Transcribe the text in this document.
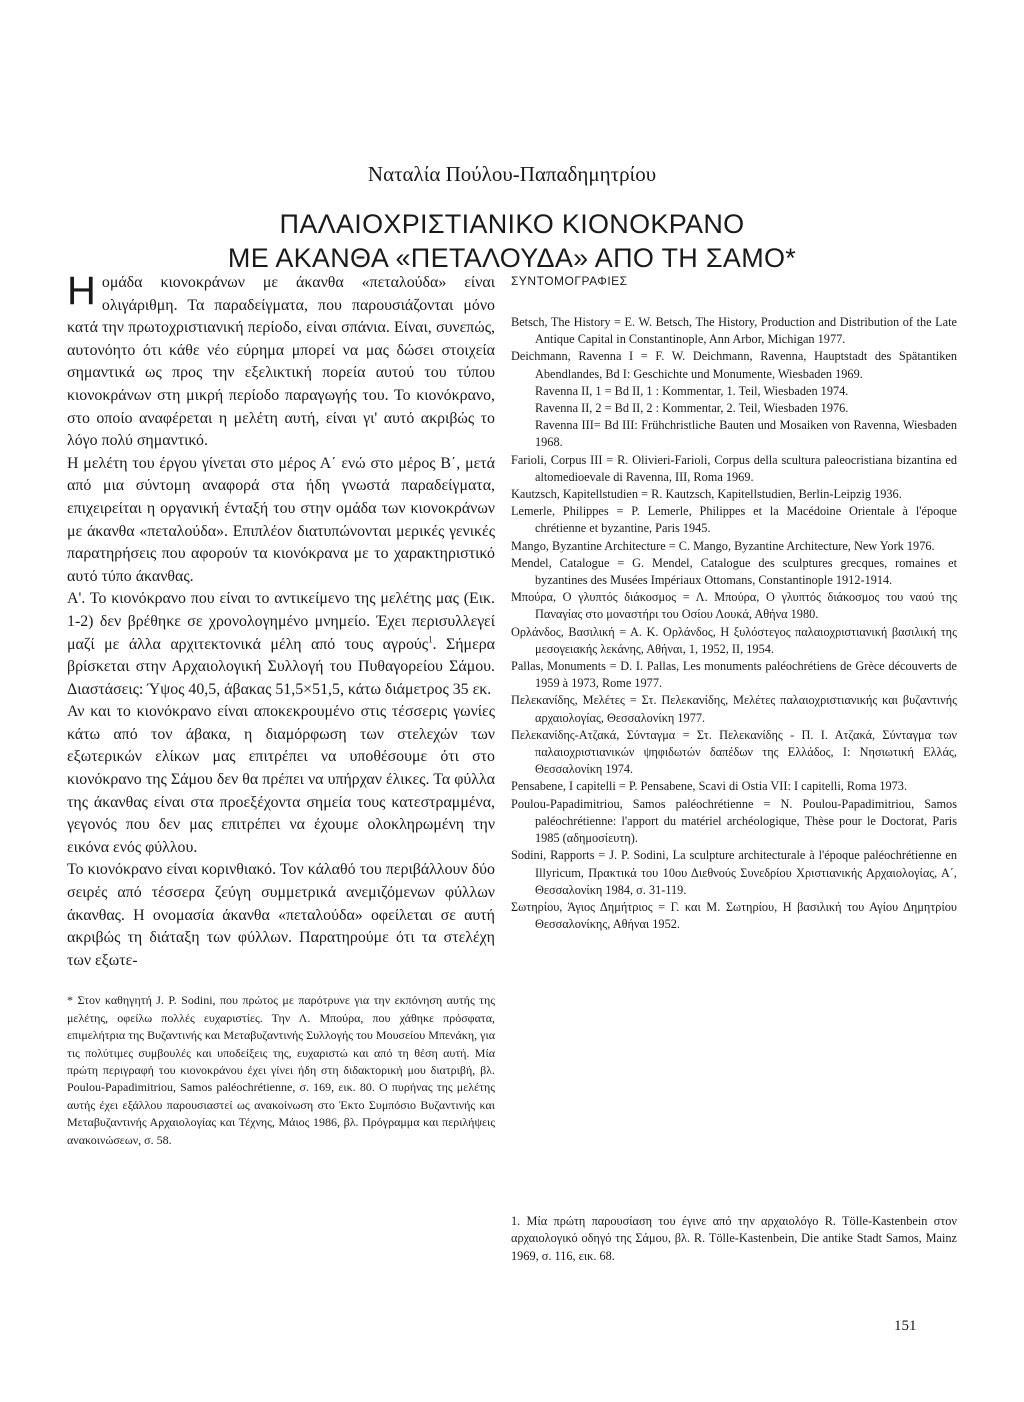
Ναταλία Πούλου-Παπαδημητρίου
ΠΑΛΑΙΟΧΡΙΣΤΙΑΝΙΚΟ ΚΙΟΝΟΚΡΑΝΟ
ΜΕ ΑΚΑΝΘΑ «ΠΕΤΑΛΟΥΔΑ» ΑΠΟ ΤΗ ΣΑΜΟ*

Ηομάδα κιονοκράνων με άκανθα «πεταλούδα» είναι ολιγάριθμη. Τα παραδείγματα, που παρουσιάζονται μόνο κατά την πρωτοχριστιανική περίοδο, είναι σπάνια. Είναι, συνεπώς, αυτονόητο ότι κάθε νέο εύρημα μπορεί να μας δώσει στοιχεία σημαντικά ως προς την εξελικτική πορεία αυτού του τύπου κιονοκράνων στη μικρή περίοδο παραγωγής του. Το κιονόκρανο, στο οποίο αναφέρεται η μελέτη αυτή, είναι γι' αυτό ακριβώς το λόγο πολύ σημαντικό.

Η μελέτη του έργου γίνεται στο μέρος Α΄ ενώ στο μέρος Β΄, μετά από μια σύντομη αναφορά στα ήδη γνωστά παραδείγματα, επιχειρείται η οργανική ένταξή του στην ομάδα των κιονοκράνων με άκανθα «πεταλούδα». Επιπλέον διατυπώνονται μερικές γενικές παρατηρήσεις που αφορούν τα κιονόκρανα με το χαρακτηριστικό αυτό τύπο άκανθας.

Α'. Το κιονόκρανο που είναι το αντικείμενο της μελέτης μας (Εικ. 1-2) δεν βρέθηκε σε χρονολογημένο μνημείο. Έχει περισυλλεγεί μαζί με άλλα αρχιτεκτονικά μέλη από τους αγρούς$^1$. Σήμερα βρίσκεται στην Αρχαιολογική Συλλογή του Πυθαγορείου Σάμου. Διαστάσεις: Ύψος 40,5, άβακας 51,5×51,5, κάτω διάμετρος 35 εκ.

Αν και το κιονόκρανο είναι αποκεκρουμένο στις τέσσερις γωνίες κάτω από τον άβακα, η διαμόρφωση των στελεχών των εξωτερικών ελίκων μας επιτρέπει να υποθέσουμε ότι στο κιονόκρανο της Σάμου δεν θα πρέπει να υπήρχαν έλικες. Τα φύλλα της άκανθας είναι στα προεξέχοντα σημεία τους κατεστραμμένα, γεγονός που δεν μας επιτρέπει να έχουμε ολοκληρωμένη την εικόνα ενός φύλλου.

Το κιονόκρανο είναι κορινθιακό. Τον κάλαθό του περιβάλλουν δύο σειρές από τέσσερα ζεύγη συμμετρικά ανεμιζόμενων φύλλων άκανθας. Η ονομασία άκανθα «πεταλούδα» οφείλεται σε αυτή ακριβώς τη διάταξη των φύλλων. Παρατηρούμε ότι τα στελέχη των εξωτε-

* Στον καθηγητή J. P. Sodini, που πρώτος με παρότρυνε για την εκπόνηση αυτής της μελέτης, οφείλω πολλές ευχαριστίες. Την Λ. Μπούρα, που χάθηκε πρόσφατα, επιμελήτρια της Βυζαντινής και Μεταβυζαντινής Συλλογής του Μουσείου Μπενάκη, για τις πολύτιμες συμβουλές και υποδείξεις της, ευχαριστώ και από τη θέση αυτή. Μία πρώτη περιγραφή του κιονοκράνου έχει γίνει ήδη στη διδακτορική μου διατριβή, βλ. Poulou-Papadimitriou, Samos paléochrétienne, σ. 169, εικ. 80. Ο πυρήνας της μελέτης αυτής έχει εξάλλου παρουσιαστεί ως ανακοίνωση στο Έκτο Συμπόσιο Βυζαντινής και Μεταβυζαντινής Αρχαιολογίας και Τέχνης, Μάιος 1986, βλ. Πρόγραμμα και περιλήψεις ανακοινώσεων, σ. 58.
ΣΥΝΤΟΜΟΓΡΑΦΙΕΣ

Betsch, The History = E. W. Betsch, The History, Production and Distribution of the Late Antique Capital in Constantinople, Ann Arbor, Michigan 1977.

Deichmann, Ravenna I = F. W. Deichmann, Ravenna, Hauptstadt des Spätantiken Abendlandes, Bd I: Geschichte und Monumente, Wiesbaden 1969.

Ravenna II, 1 = Bd II, 1 : Kommentar, 1. Teil, Wiesbaden 1974.

Ravenna II, 2 = Bd II, 2 : Kommentar, 2. Teil, Wiesbaden 1976.

Ravenna III= Bd III: Frühchristliche Bauten und Mosaiken von Ravenna, Wiesbaden 1968.

Farioli, Corpus III = R. Olivieri-Farioli, Corpus della scultura paleocristiana bizantina ed altomedioevale di Ravenna, III, Roma 1969.

Kautzsch, Kapitellstudien = R. Kautzsch, Kapitellstudien, Berlin-Leipzig 1936.

Lemerle, Philippes = P. Lemerle, Philippes et la Macédoine Orientale à l'époque chrétienne et byzantine, Paris 1945.

Mango, Byzantine Architecture = C. Mango, Byzantine Architecture, New York 1976.

Mendel, Catalogue = G. Mendel, Catalogue des sculptures grecques, romaines et byzantines des Musées Impériaux Ottomans, Constantinople 1912-1914.

Μπούρα, Ο γλυπτός διάκοσμος = Λ. Μπούρα, Ο γλυπτός διάκοσμος του ναού της Παναγίας στο μοναστήρι του Οσίου Λουκά, Αθήνα 1980.

Ορλάνδος, Βασιλική = Α. Κ. Ορλάνδος, Η ξυλόστεγος παλαιοχριστιανική βασιλική της μεσογειακής λεκάνης, Αθήναι, 1, 1952, II, 1954.

Pallas, Monuments = D. I. Pallas, Les monuments paléochrétiens de Grèce découverts de 1959 à 1973, Rome 1977.

Πελεκανίδης, Μελέτες = Στ. Πελεκανίδης, Μελέτες παλαιοχριστιανικής και βυζαντινής αρχαιολογίας, Θεσσαλονίκη 1977.

Πελεκανίδης-Ατζακά, Σύνταγμα = Στ. Πελεκανίδης - Π. Ι. Ατζακά, Σύνταγμα των παλαιοχριστιανικών ψηφιδωτών δαπέδων της Ελλάδος, I: Νησιωτική Ελλάς, Θεσσαλονίκη 1974.

Pensabene, I capitelli = P. Pensabene, Scavi di Ostia VII: I capitelli, Roma 1973.

Poulou-Papadimitriou, Samos paléochrétienne = N. Poulou-Papadimitriou, Samos paléochrétienne: l'apport du matériel archéologique, Thèse pour le Doctorat, Paris 1985 (αδημοσίευτη).

Sodini, Rapports = J. P. Sodini, La sculpture architecturale à l'époque paléochrétienne en Illyricum, Πρακτικά του 10ου Διεθνούς Συνεδρίου Χριστιανικής Αρχαιολογίας, Α΄, Θεσσαλονίκη 1984, σ. 31-119.

Σωτηρίου, Άγιος Δημήτριος = Γ. και Μ. Σωτηρίου, Η βασιλική του Αγίου Δημητρίου Θεσσαλονίκης, Αθήναι 1952.

1. Μία πρώτη παρουσίαση του έγινε από την αρχαιολόγο R. Tölle-Kastenbein στον αρχαιολογικό οδηγό της Σάμου, βλ. R. Tölle-Kastenbein, Die antike Stadt Samos, Mainz 1969, σ. 116, εικ. 68.
151
